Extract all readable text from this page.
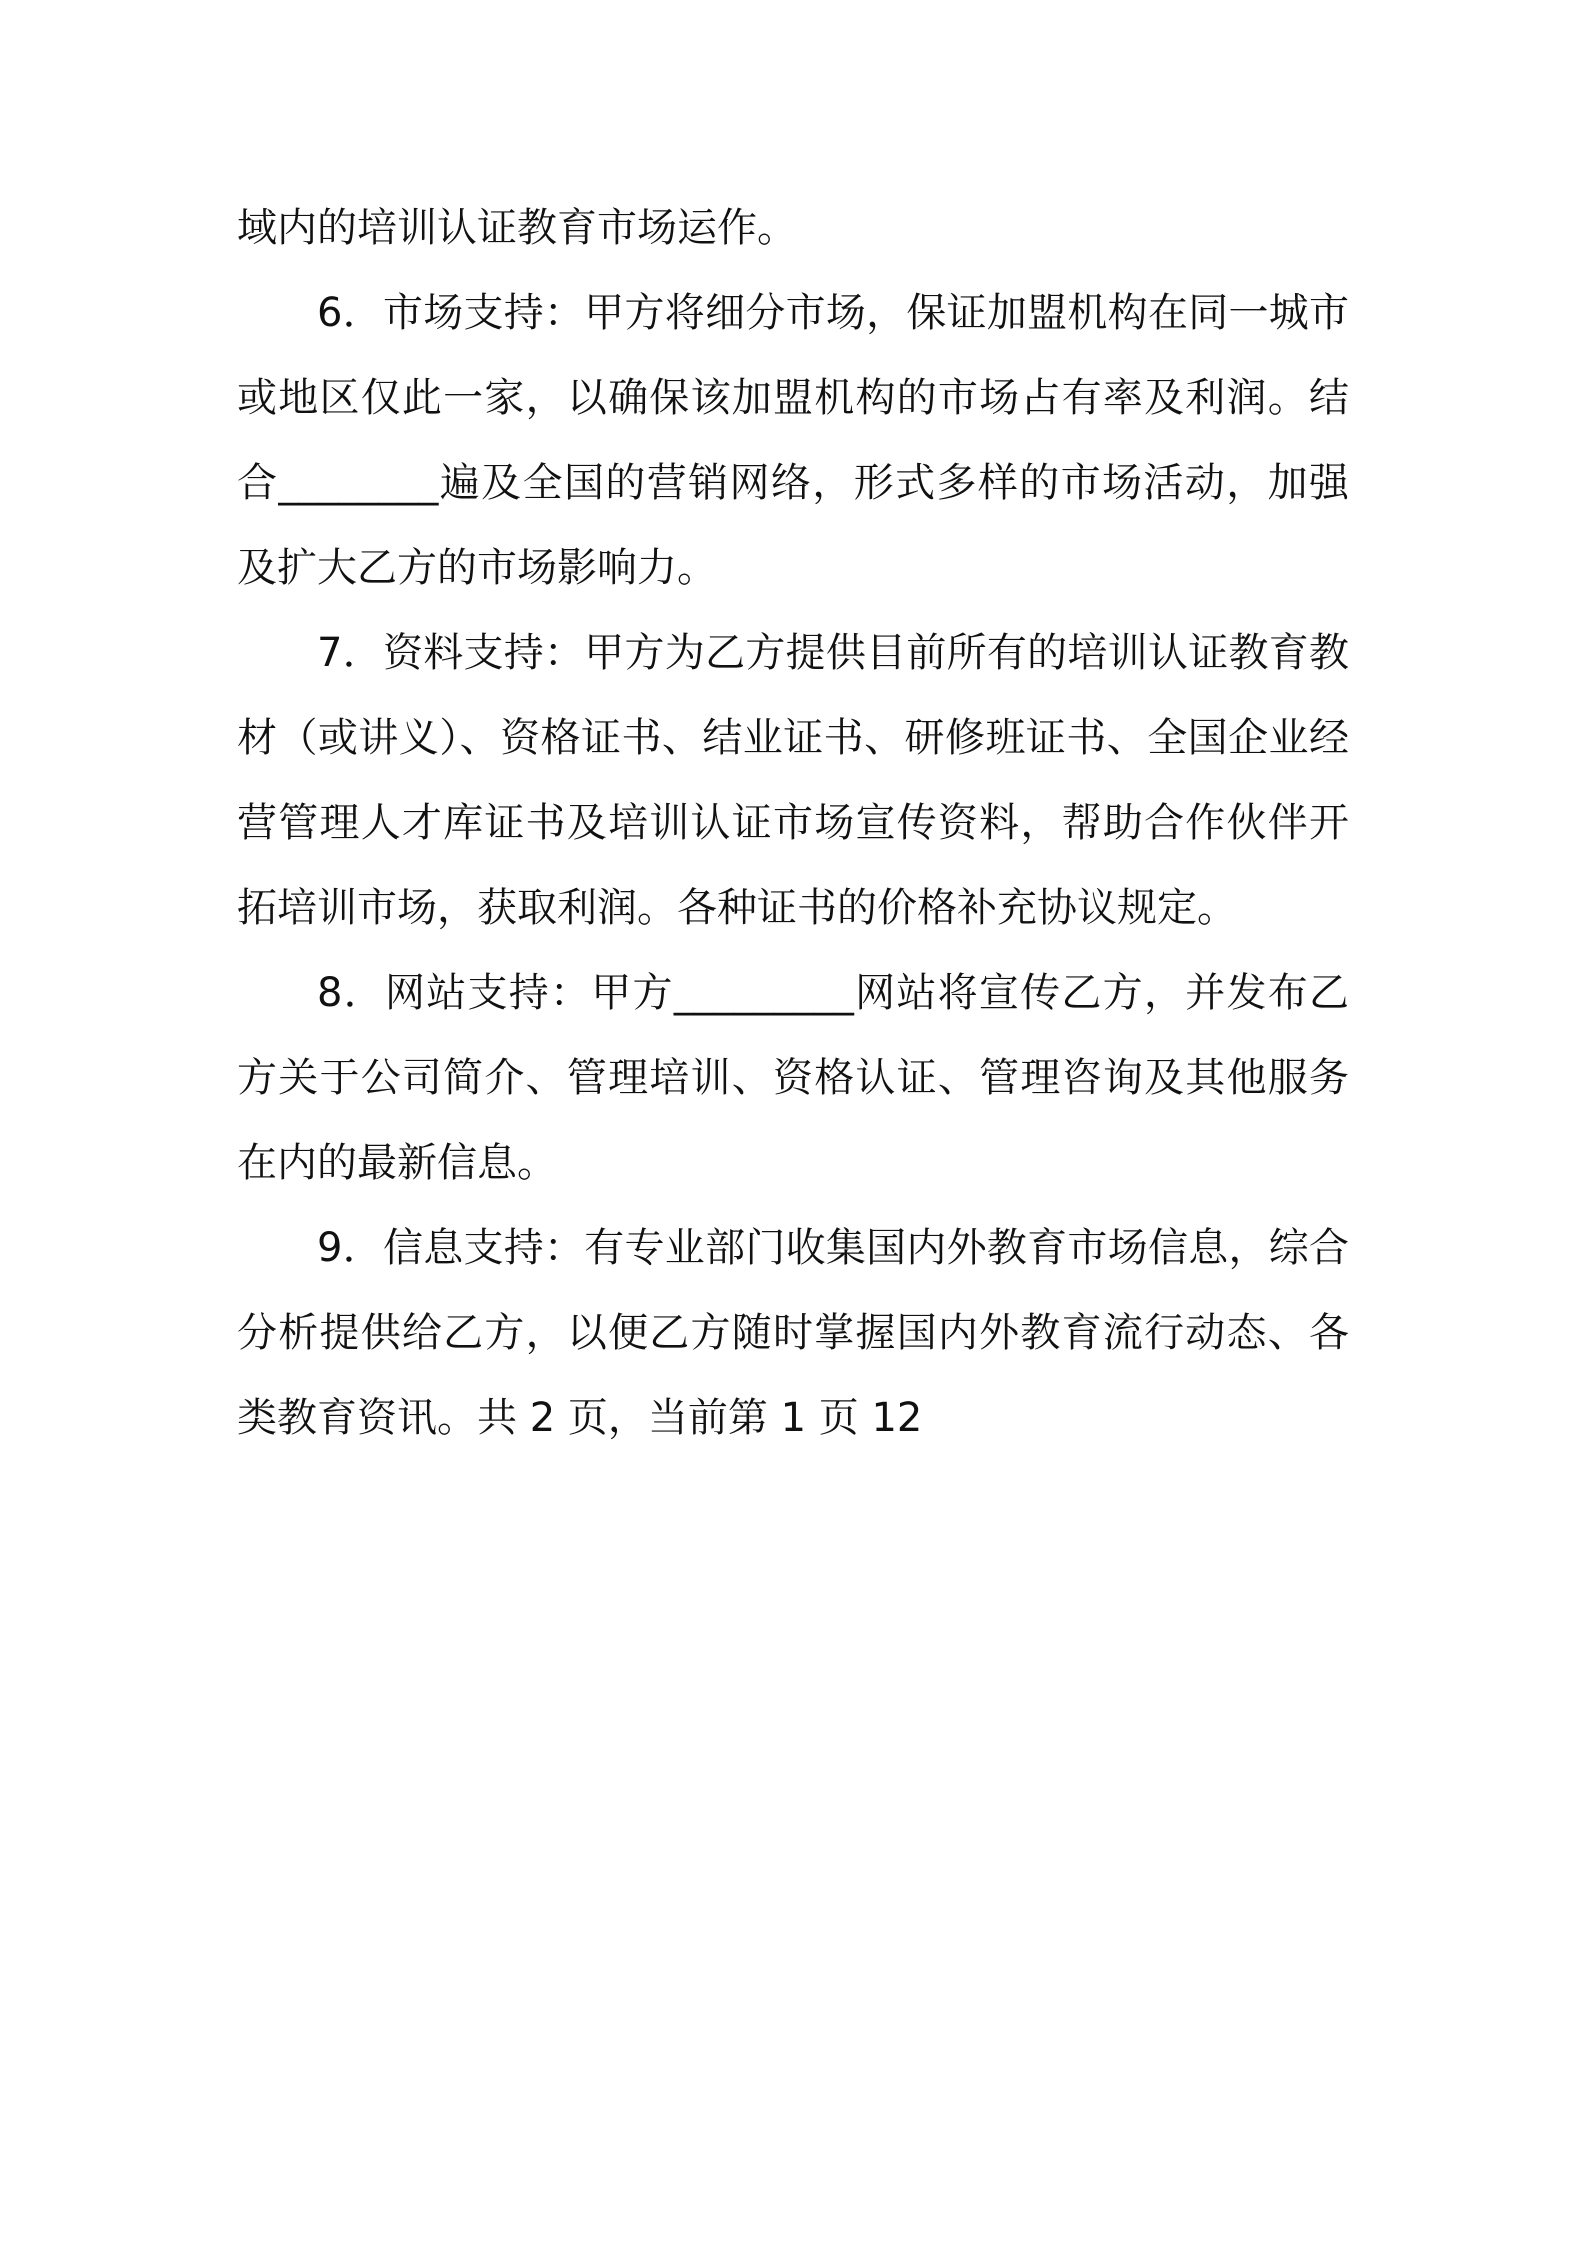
域内的培训认证教育市场运作。

6．市场支持：甲方将细分市场，保证加盟机构在同一城市或地区仅此一家，以确保该加盟机构的市场占有率及利润。结合________遍及全国的营销网络，形式多样的市场活动，加强及扩大乙方的市场影响力。

7．资料支持：甲方为乙方提供目前所有的培训认证教育教材（或讲义）、资格证书、结业证书、研修班证书、全国企业经营管理人才库证书及培训认证市场宣传资料，帮助合作伙伴开拓培训市场，获取利润。各种证书的价格补充协议规定。

8．网站支持：甲方_________网站将宣传乙方，并发布乙方关于公司简介、管理培训、资格认证、管理咨询及其他服务在内的最新信息。

9．信息支持：有专业部门收集国内外教育市场信息，综合分析提供给乙方，以便乙方随时掌握国内外教育流行动态、各类教育资讯。共 2 页，当前第 1 页 12
